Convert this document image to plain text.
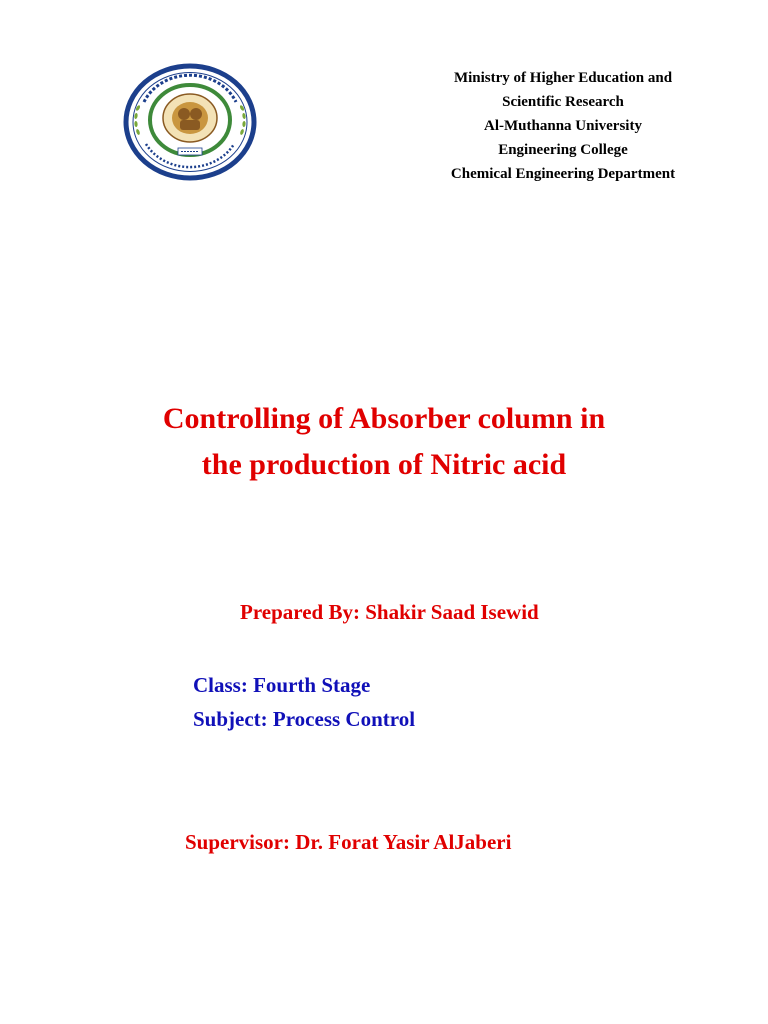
Ministry of Higher Education and
Scientific Research
Al-Muthanna University
Engineering College
Chemical Engineering Department
Controlling of Absorber column in
the production of Nitric acid
Prepared By: Shakir Saad Isewid
Class: Fourth Stage
Subject: Process Control
Supervisor: Dr. Forat Yasir AlJaberi
